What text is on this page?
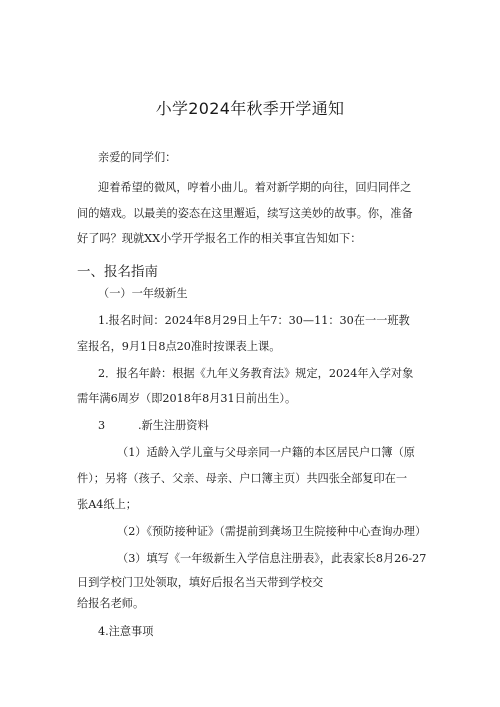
小学2024年秋季开学通知
亲爱的同学们：
迎着希望的微风，哼着小曲儿。着对新学期的向往，回归同伴之
间的嬉戏。以最美的姿态在这里邂逅，续写这美妙的故事。你，准备
好了吗？现就XX小学开学报名工作的相关事宜告知如下：
一、报名指南
（一）一年级新生
1.报名时间：2024年8月29日上午7：30—11：30在一一班教
室报名，9月1日8点20准时按课表上课。
2．报名年龄：根据《九年义务教育法》规定，2024年入学对象
需年满6周岁（即2018年8月31日前出生）。
3	.新生注册资料
（1）适龄入学儿童与父母亲同一户籍的本区居民户口簿（原
件）；另将（孩子、父亲、母亲、户口簿主页）共四张全部复印在一
张A4纸上；
（2）《预防接种证》（需提前到龚场卫生院接种中心查询办理）
（3）填写《一年级新生入学信息注册表》，此表家长8月26-27
日到学校门卫处领取，填好后报名当天带到学校交
给报名老师。
4.注意事项
